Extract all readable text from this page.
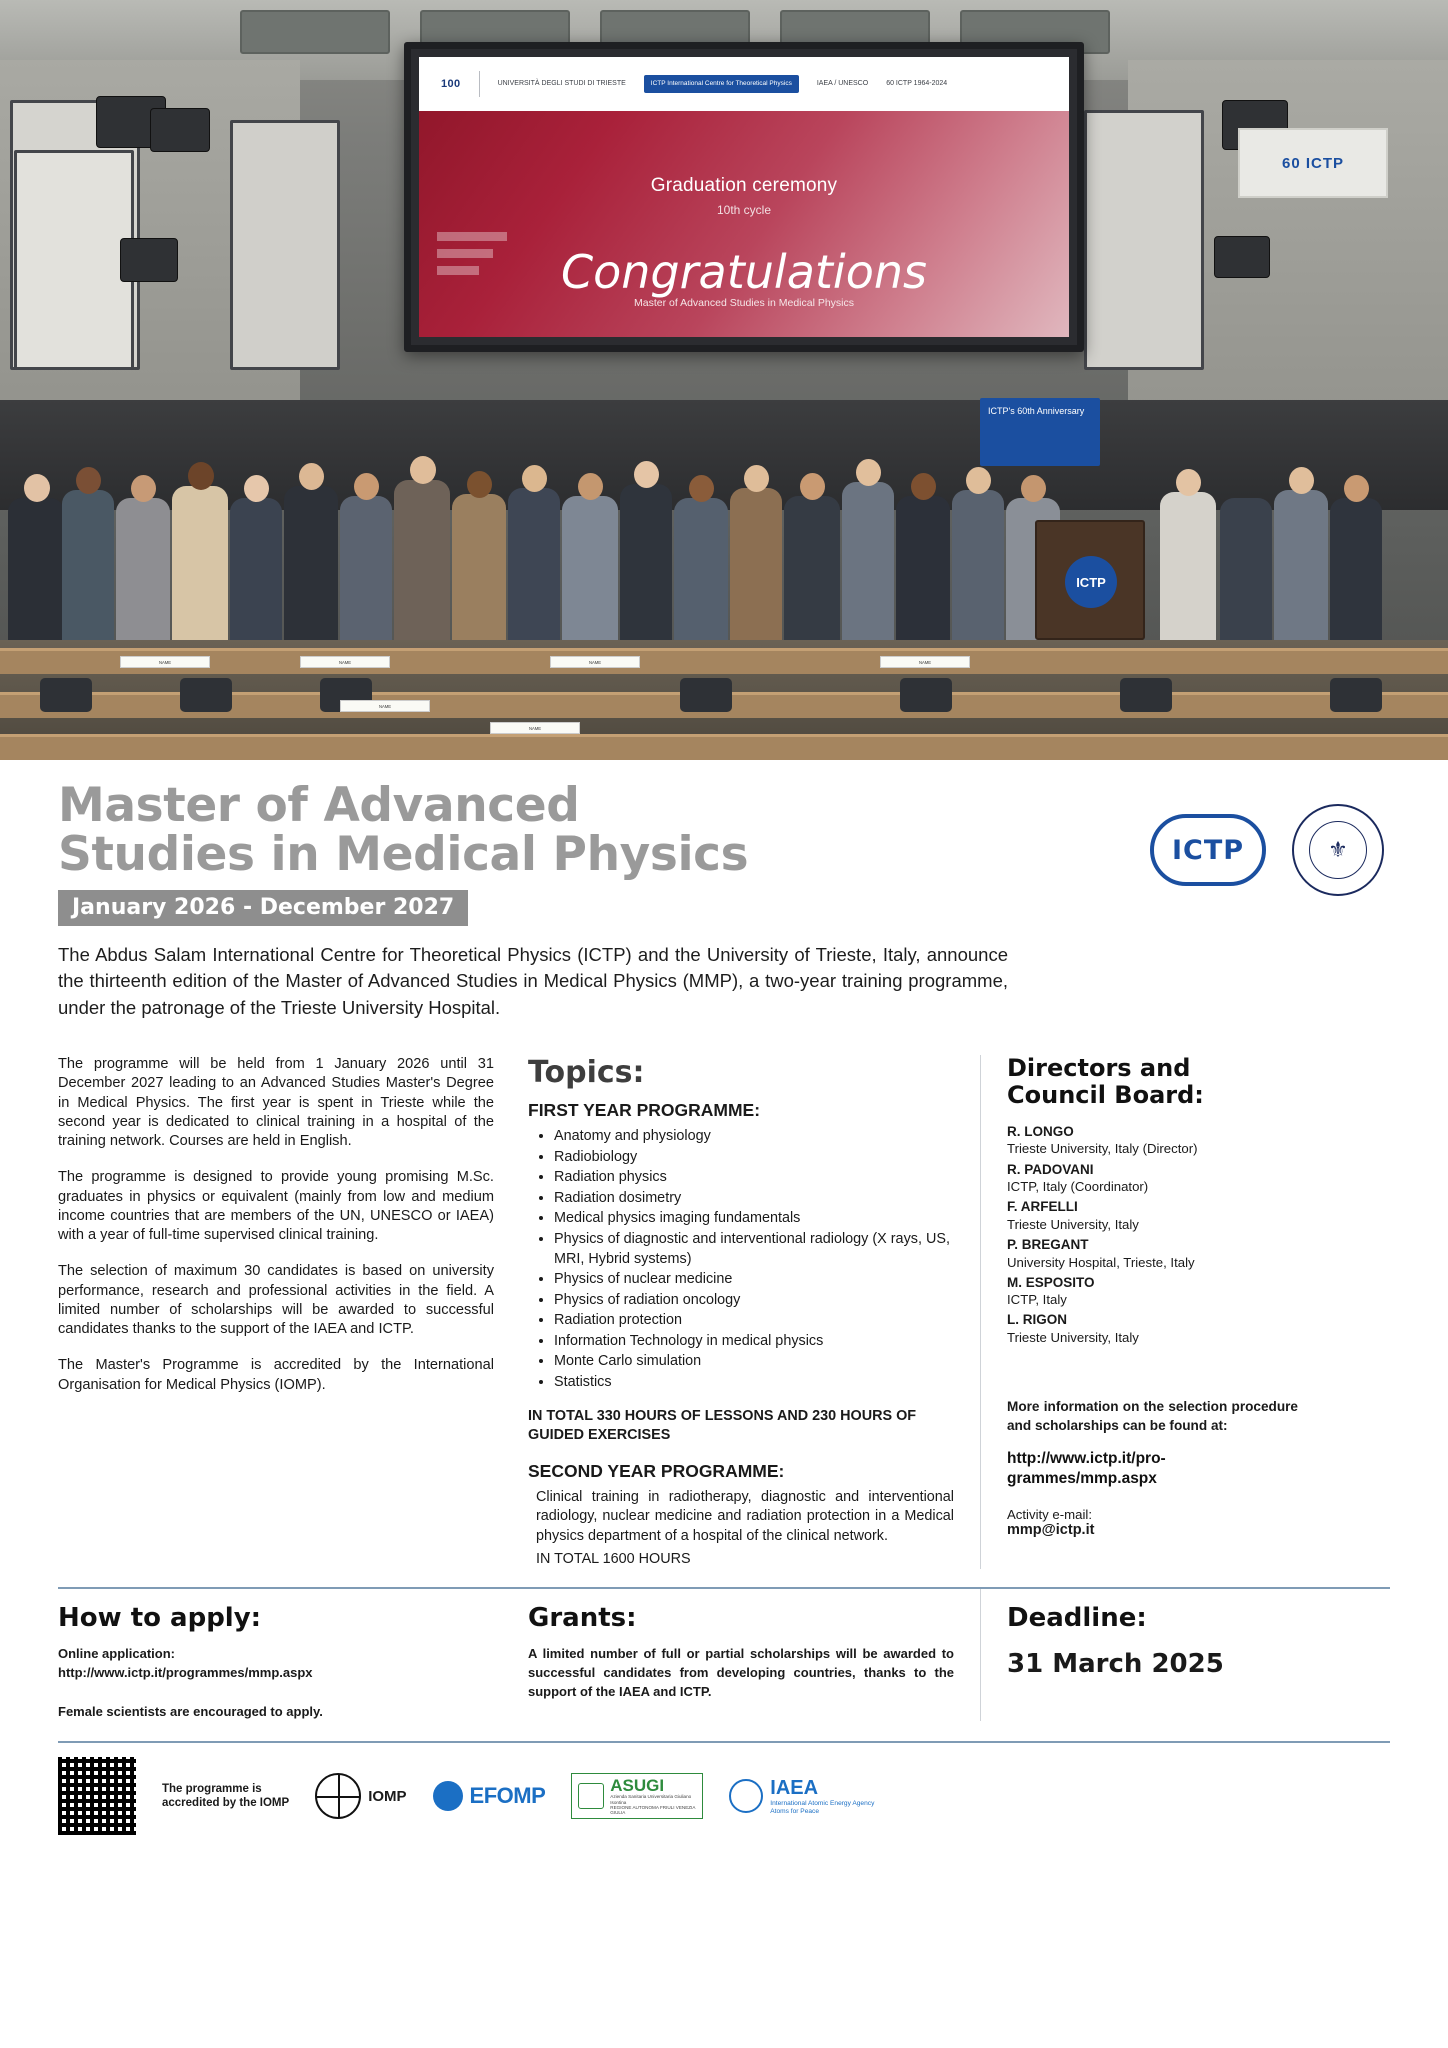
60 ICTP
100	UNIVERSITÀ DEGLI STUDI DI TRIESTE	ICTP International Centre for Theoretical Physics	IAEA / UNESCO	60 ICTP 1964-2024
Graduation ceremony
10th cycle
Congratulations
Master of Advanced Studies in Medical Physics
ICTP's 60th Anniversary
ICTP
NAME	NAME
NAME
NAME	NAME
NAME
Master of Advanced
Studies in Medical Physics
January 2026 - December 2027
ICTP	⚜
The Abdus Salam International Centre for Theoretical Physics (ICTP) and the University of Trieste, Italy, announce the thirteenth edition of the Master of Advanced Studies in Medical Physics (MMP), a two-year training programme, under the patronage of the Trieste University Hospital.

The programme will be held from 1 January 2026 until 31 December 2027 leading to an Advanced Studies Master's Degree in Medical Physics. The first year is spent in Trieste while the second year is dedicated to clinical training in a hospital of the training network. Courses are held in English.

The programme is designed to provide young promising M.Sc. graduates in physics or equivalent (mainly from low and medium income countries that are members of the UN, UNESCO or IAEA) with a year of full-time supervised clinical training.

The selection of maximum 30 candidates is based on university performance, research and professional activities in the field. A limited number of scholarships will be awarded to successful candidates thanks to the support of the IAEA and ICTP.

The Master's Programme is accredited by the International Organisation for Medical Physics (IOMP).

Topics:
FIRST YEAR PROGRAMME:
• Anatomy and physiology
• Radiobiology
• Radiation physics
• Radiation dosimetry
• Medical physics imaging fundamentals
• Physics of diagnostic and interventional radiology (X rays, US, MRI, Hybrid systems)
• Physics of nuclear medicine
• Physics of radiation oncology
• Radiation protection
• Information Technology in medical physics
• Monte Carlo simulation
• Statistics
IN TOTAL 330 HOURS OF LESSONS AND 230 HOURS OF GUIDED EXERCISES
SECOND YEAR PROGRAMME:
Clinical training in radiotherapy, diagnostic and interventional radiology, nuclear medicine and radiation protection in a Medical physics department of a hospital of the clinical network.
IN TOTAL 1600 HOURS
Directors and
Council Board:
R. LONGO
Trieste University, Italy (Director)
R. PADOVANI
ICTP, Italy (Coordinator)
F. ARFELLI
Trieste University, Italy
P. BREGANT
University Hospital, Trieste, Italy
M. ESPOSITO
ICTP, Italy
L. RIGON
Trieste University, Italy
More information on the selection procedure and scholarships can be found at:
http://www.ictp.it/pro-grammes/mmp.aspx
Activity e-mail:
mmp@ictp.it
How to apply:
Online application:
http://www.ictp.it/programmes/mmp.aspx
Female scientists are encouraged to apply.
Grants:
A limited number of full or partial scholarships will be awarded to successful candidates from developing countries, thanks to the support of the IAEA and ICTP.
Deadline:
31 March 2025
The programme is
accredited by the IOMP	IOMP	EFOMP	ASUGI
Azienda Sanitaria Universitaria Giuliano Isontina
REGIONE AUTONOMA FRIULI VENEZIA GIULIA
IAEA
International Atomic Energy Agency
Atoms for Peace
